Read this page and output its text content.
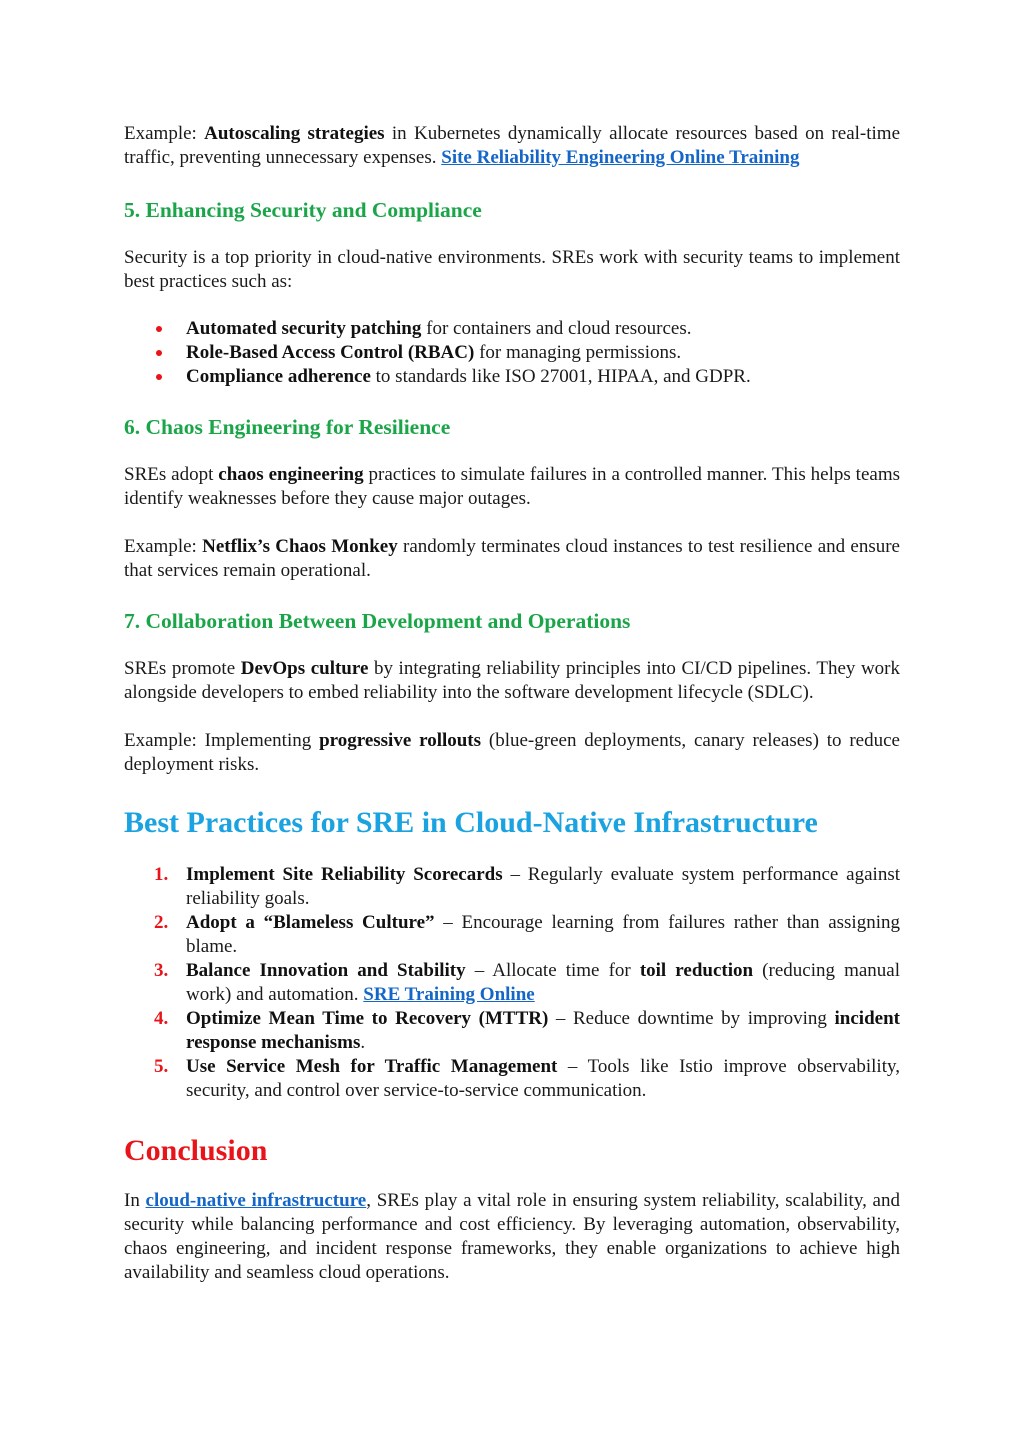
Example: Autoscaling strategies in Kubernetes dynamically allocate resources based on real-time traffic, preventing unnecessary expenses. Site Reliability Engineering Online Training

5. Enhancing Security and Compliance

Security is a top priority in cloud-native environments. SREs work with security teams to implement best practices such as:

Automated security patching for containers and cloud resources.
Role-Based Access Control (RBAC) for managing permissions.
Compliance adherence to standards like ISO 27001, HIPAA, and GDPR.
6. Chaos Engineering for Resilience

SREs adopt chaos engineering practices to simulate failures in a controlled manner. This helps teams identify weaknesses before they cause major outages.

Example: Netflix’s Chaos Monkey randomly terminates cloud instances to test resilience and ensure that services remain operational.

7. Collaboration Between Development and Operations

SREs promote DevOps culture by integrating reliability principles into CI/CD pipelines. They work alongside developers to embed reliability into the software development lifecycle (SDLC).

Example: Implementing progressive rollouts (blue-green deployments, canary releases) to reduce deployment risks.

Best Practices for SRE in Cloud-Native Infrastructure
1. Implement Site Reliability Scorecards – Regularly evaluate system performance against reliability goals.
2. Adopt a “Blameless Culture” – Encourage learning from failures rather than assigning blame.
3. Balance Innovation and Stability – Allocate time for toil reduction (reducing manual work) and automation. SRE Training Online
4. Optimize Mean Time to Recovery (MTTR) – Reduce downtime by improving incident response mechanisms.
5. Use Service Mesh for Traffic Management – Tools like Istio improve observability, security, and control over service-to-service communication.
Conclusion

In cloud-native infrastructure, SREs play a vital role in ensuring system reliability, scalability, and security while balancing performance and cost efficiency. By leveraging automation, observability, chaos engineering, and incident response frameworks, they enable organizations to achieve high availability and seamless cloud operations.
